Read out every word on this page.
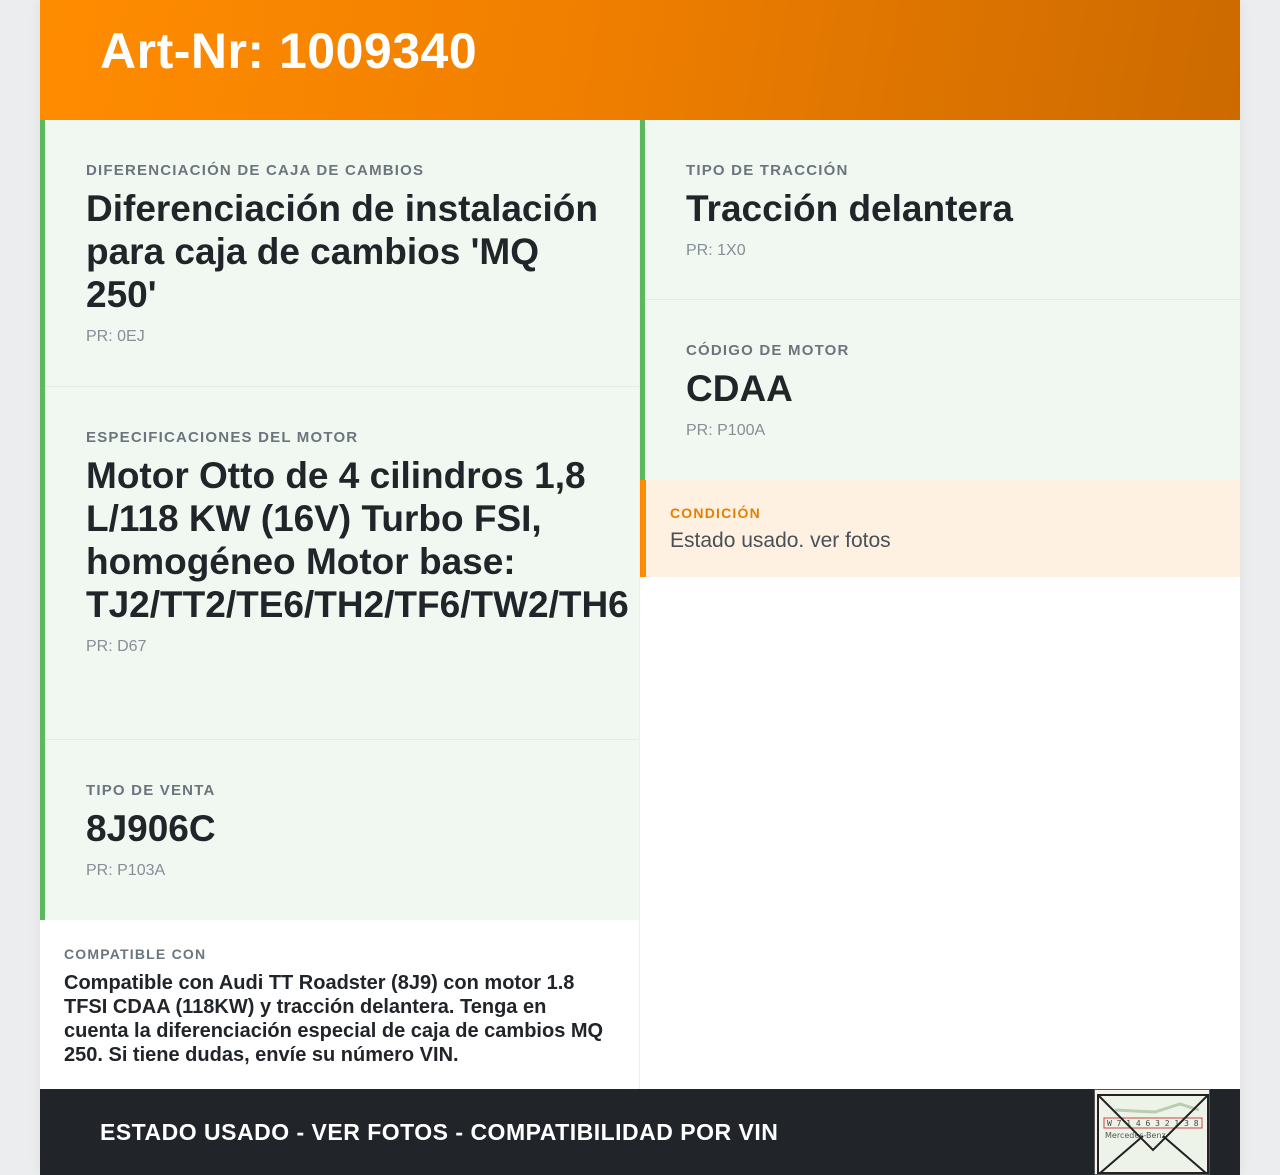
Art-Nr: 1009340
DIFERENCIACIÓN DE CAJA DE CAMBIOS
Diferenciación de instalación para caja de cambios 'MQ 250'
PR: 0EJ
ESPECIFICACIONES DEL MOTOR
Motor Otto de 4 cilindros 1,8 L/118 KW (16V) Turbo FSI, homogéneo Motor base: TJ2/TT2/TE6/TH2/TF6/TW2/TH6
PR: D67
TIPO DE VENTA
8J906C
PR: P103A
TIPO DE TRACCIÓN
Tracción delantera
PR: 1X0
CÓDIGO DE MOTOR
CDAA
PR: P100A
CONDICIÓN
Estado usado. ver fotos
COMPATIBLE CON
Compatible con Audi TT Roadster (8J9) con motor 1.8 TFSI CDAA (118KW) y tracción delantera. Tenga en cuenta la diferenciación especial de caja de cambios MQ 250. Si tiene dudas, envíe su número VIN.
ESTADO USADO - VER FOTOS - COMPATIBILIDAD POR VIN	W 7 1 4 6 3 2 1 3 8
Mercedes-Benz
